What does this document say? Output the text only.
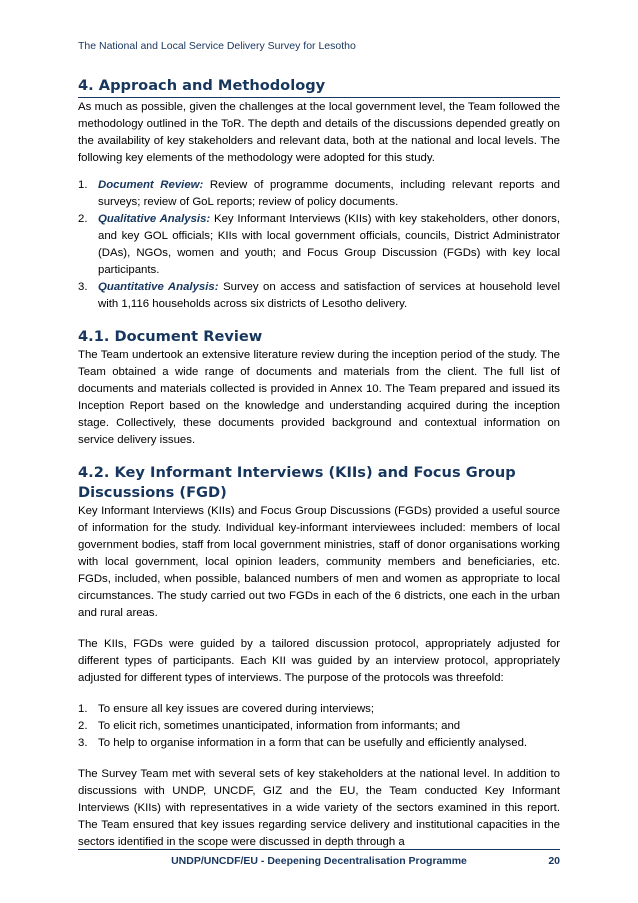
The National and Local Service Delivery Survey for Lesotho
4. Approach and Methodology

As much as possible, given the challenges at the local government level, the Team followed the methodology outlined in the ToR. The depth and details of the discussions depended greatly on the availability of key stakeholders and relevant data, both at the national and local levels. The following key elements of the methodology were adopted for this study.

1. Document Review: Review of programme documents, including relevant reports and surveys; review of GoL reports; review of policy documents.
2. Qualitative Analysis: Key Informant Interviews (KIIs) with key stakeholders, other donors, and key GOL officials; KIIs with local government officials, councils, District Administrator (DAs), NGOs, women and youth; and Focus Group Discussion (FGDs) with key local participants.
3. Quantitative Analysis: Survey on access and satisfaction of services at household level with 1,116 households across six districts of Lesotho delivery.
4.1. Document Review

The Team undertook an extensive literature review during the inception period of the study. The Team obtained a wide range of documents and materials from the client. The full list of documents and materials collected is provided in Annex 10. The Team prepared and issued its Inception Report based on the knowledge and understanding acquired during the inception stage. Collectively, these documents provided background and contextual information on service delivery issues.

4.2. Key Informant Interviews (KIIs) and Focus Group Discussions (FGD)

Key Informant Interviews (KIIs) and Focus Group Discussions (FGDs) provided a useful source of information for the study. Individual key-informant interviewees included: members of local government bodies, staff from local government ministries, staff of donor organisations working with local government, local opinion leaders, community members and beneficiaries, etc. FGDs, included, when possible, balanced numbers of men and women as appropriate to local circumstances. The study carried out two FGDs in each of the 6 districts, one each in the urban and rural areas.

The KIIs, FGDs were guided by a tailored discussion protocol, appropriately adjusted for different types of participants. Each KII was guided by an interview protocol, appropriately adjusted for different types of interviews. The purpose of the protocols was threefold:

1. To ensure all key issues are covered during interviews;
2. To elicit rich, sometimes unanticipated, information from informants; and
3. To help to organise information in a form that can be usefully and efficiently analysed.

The Survey Team met with several sets of key stakeholders at the national level. In addition to discussions with UNDP, UNCDF, GIZ and the EU, the Team conducted Key Informant Interviews (KIIs) with representatives in a wide variety of the sectors examined in this report. The Team ensured that key issues regarding service delivery and institutional capacities in the sectors identified in the scope were discussed in depth through a

UNDP/UNCDF/EU - Deepening Decentralisation Programme	20
